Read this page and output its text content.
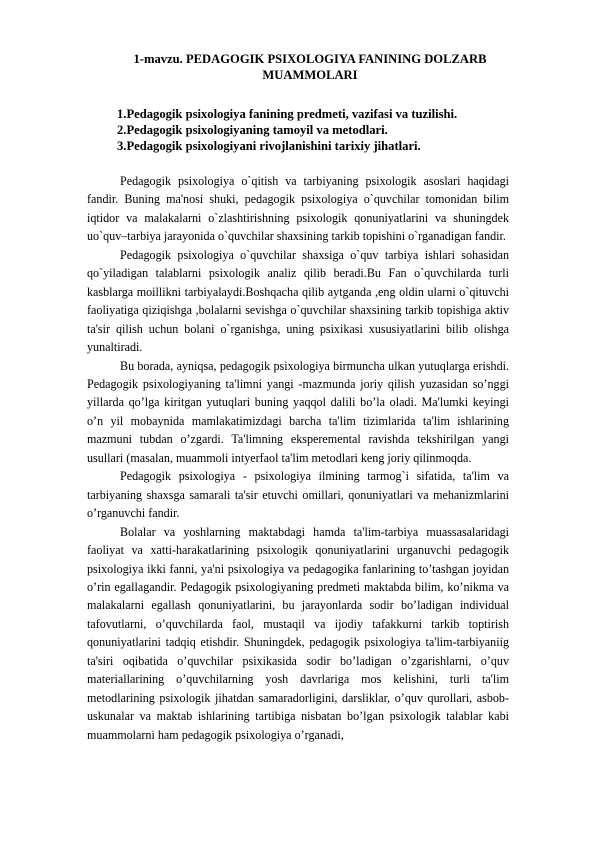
1-mavzu. PEDAGOGIK PSIXOLOGIYA FANINING DOLZARB MUAMMOLARI
1.Pedagogik psixologiya fanining predmeti, vazifasi va tuzilishi.
2.Pedagogik psixologiyaning tamoyil va metodlari.
3.Pedagogik psixologiyani rivojlanishini tarixiy jihatlari.

Pedagogik psixologiya o`qitish va tarbiyaning psixologik asoslari haqidagi fandir. Buning ma'nosi shuki, pedagogik psixologiya o`quvchilar tomonidan bilim iqtidor va malakalarni o`zlashtirishning psixologik qonuniyatlarini va shuningdek uo`quv–tarbiya jarayonida o`quvchilar shaxsining tarkib topishini o`rganadigan fandir.

Pedagogik psixologiya o`quvchilar shaxsiga o`quv tarbiya ishlari sohasidan qo`yiladigan talablarni psixologik analiz qilib beradi.Bu Fan o`quvchilarda turli kasblarga moillikni tarbiyalaydi.Boshqacha qilib aytganda ,eng oldin ularni o`qituvchi faoliyatiga qiziqishga ,bolalarni sevishga o`quvchilar shaxsining tarkib topishiga aktiv ta'sir qilish uchun bolani o`rganishga, uning psixikasi xususiyatlarini bilib olishga yunaltiradi.

Bu borada, ayniqsa, pedagogik psixologiya birmuncha ulkan yutuqlarga erishdi. Pedagogik psixologiyaning ta'limni yangi -mazmunda joriy qilish yuzasidan so’nggi yillarda qo’lga kiritgan yutuqlari buning yaqqol dalili bo’la oladi. Ma'lumki keyingi o’n yil mobaynida mamlakatimizdagi barcha ta'lim tizimlarida ta'lim ishlarining mazmuni tubdan o’zgardi. Ta'limning eksperemental ravishda tekshirilgan yangi usullari (masalan, muammoli intyerfaol ta'lim metodlari keng joriy qilinmoqda.

Pedagogik psixologiya - psixologiya ilmining tarmog`i sifatida, ta'lim va tarbiyaning shaxsga samarali ta'sir etuvchi omillari, qonuniyatlari va mehanizmlarini o’rganuvchi fandir.

Bolalar va yoshlarning maktabdagi hamda ta'lim-tarbiya muassasalaridagi faoliyat va xatti-harakatlarining psixologik qonuniyatlarini urganuvchi pedagogik psixologiya ikki fanni, ya'ni psixologiya va pedagogika fanlarining to’tashgan joyidan o’rin egallagandir. Pedagogik psixologiyaning predmeti maktabda bilim, ko’nikma va malakalarni egallash qonuniyatlarini, bu jarayonlarda sodir bo’ladigan individual tafovutlarni, o’quvchilarda faol, mustaqil va ijodiy tafakkurni tarkib toptirish qonuniyatlarini tadqiq etishdir. Shuningdek, pedagogik psixologiya ta'lim-tarbiyaniig ta'siri oqibatida o’quvchilar psixikasida sodir bo’ladigan o’zgarishlarni, o’quv materiallarining o’quvchilarning yosh davrlariga mos kelishini, turli ta'lim metodlarining psixologik jihatdan samaradorligini, darsliklar, o’quv qurollari, asbob-uskunalar va maktab ishlarining tartibiga nisbatan bo’lgan psixologik talablar kabi muammolarni ham pedagogik psixologiya o’rganadi,
